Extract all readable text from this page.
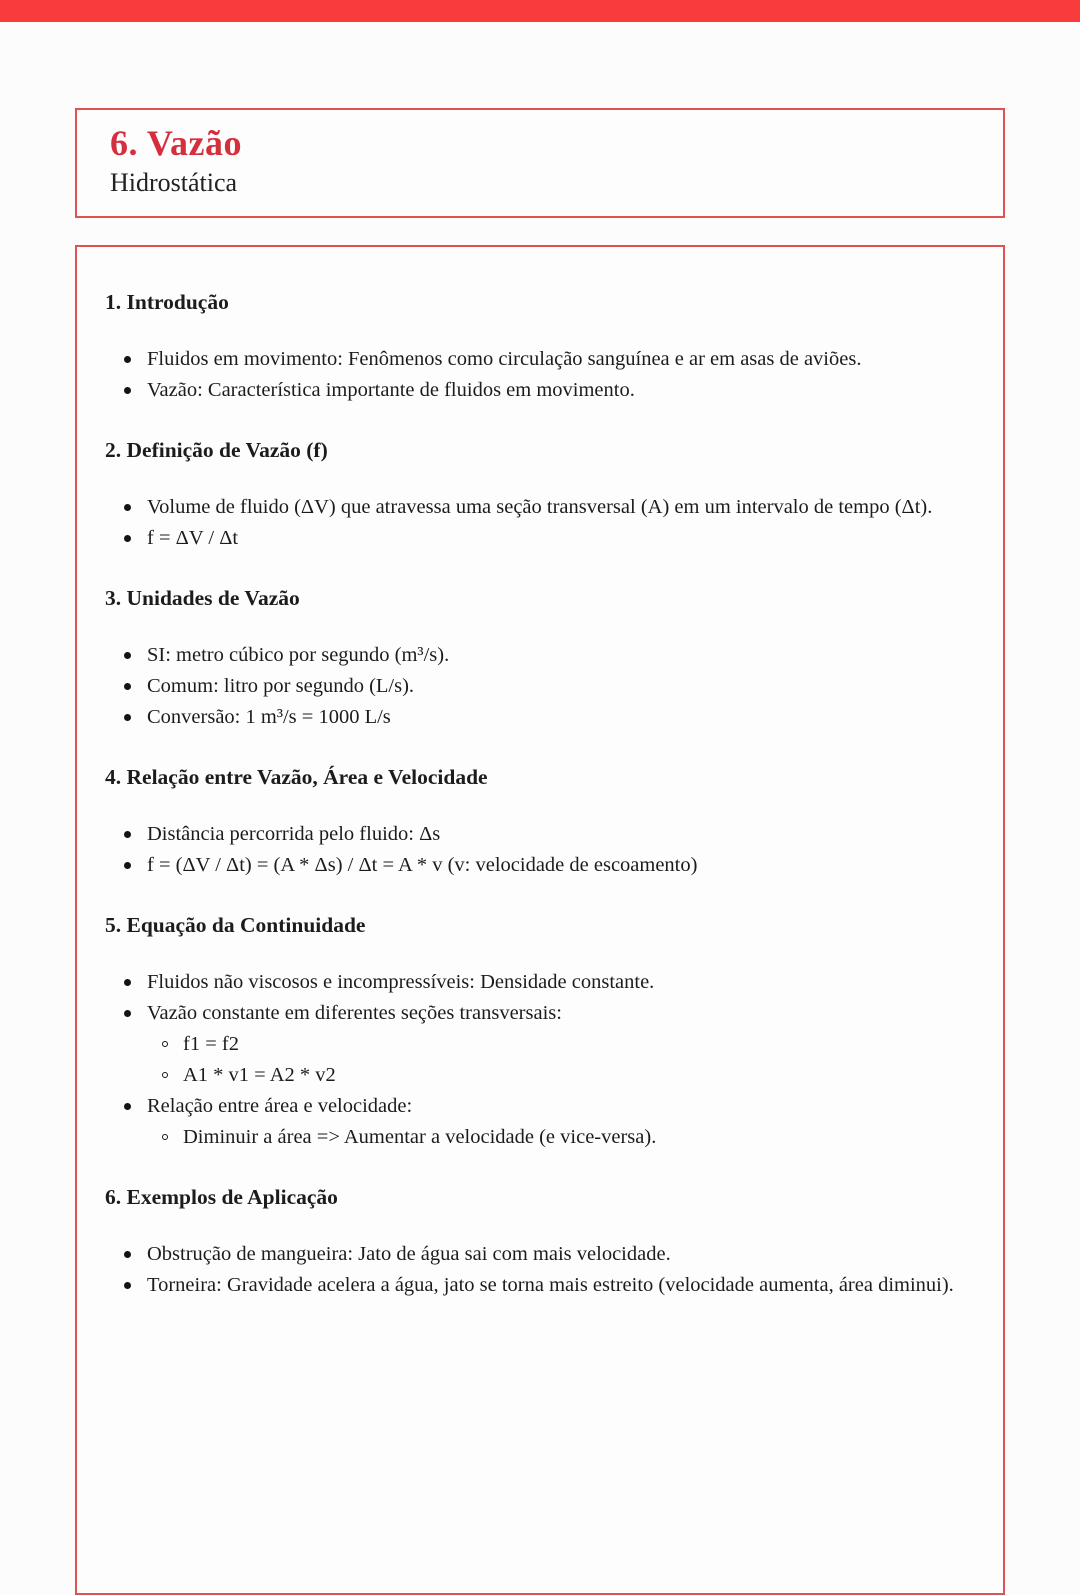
6. Vazão
Hidrostática
1. Introdução
Fluidos em movimento: Fenômenos como circulação sanguínea e ar em asas de aviões.
Vazão: Característica importante de fluidos em movimento.
2. Definição de Vazão (f)
Volume de fluido (ΔV) que atravessa uma seção transversal (A) em um intervalo de tempo (Δt).
f = ΔV / Δt
3. Unidades de Vazão
SI: metro cúbico por segundo (m³/s).
Comum: litro por segundo (L/s).
Conversão: 1 m³/s = 1000 L/s
4. Relação entre Vazão, Área e Velocidade
Distância percorrida pelo fluido: Δs
f = (ΔV / Δt) = (A * Δs) / Δt = A * v (v: velocidade de escoamento)
5. Equação da Continuidade
Fluidos não viscosos e incompressíveis: Densidade constante.
Vazão constante em diferentes seções transversais:
f1 = f2
A1 * v1 = A2 * v2
Relação entre área e velocidade:
Diminuir a área => Aumentar a velocidade (e vice-versa).
6. Exemplos de Aplicação
Obstrução de mangueira: Jato de água sai com mais velocidade.
Torneira: Gravidade acelera a água, jato se torna mais estreito (velocidade aumenta, área diminui).
